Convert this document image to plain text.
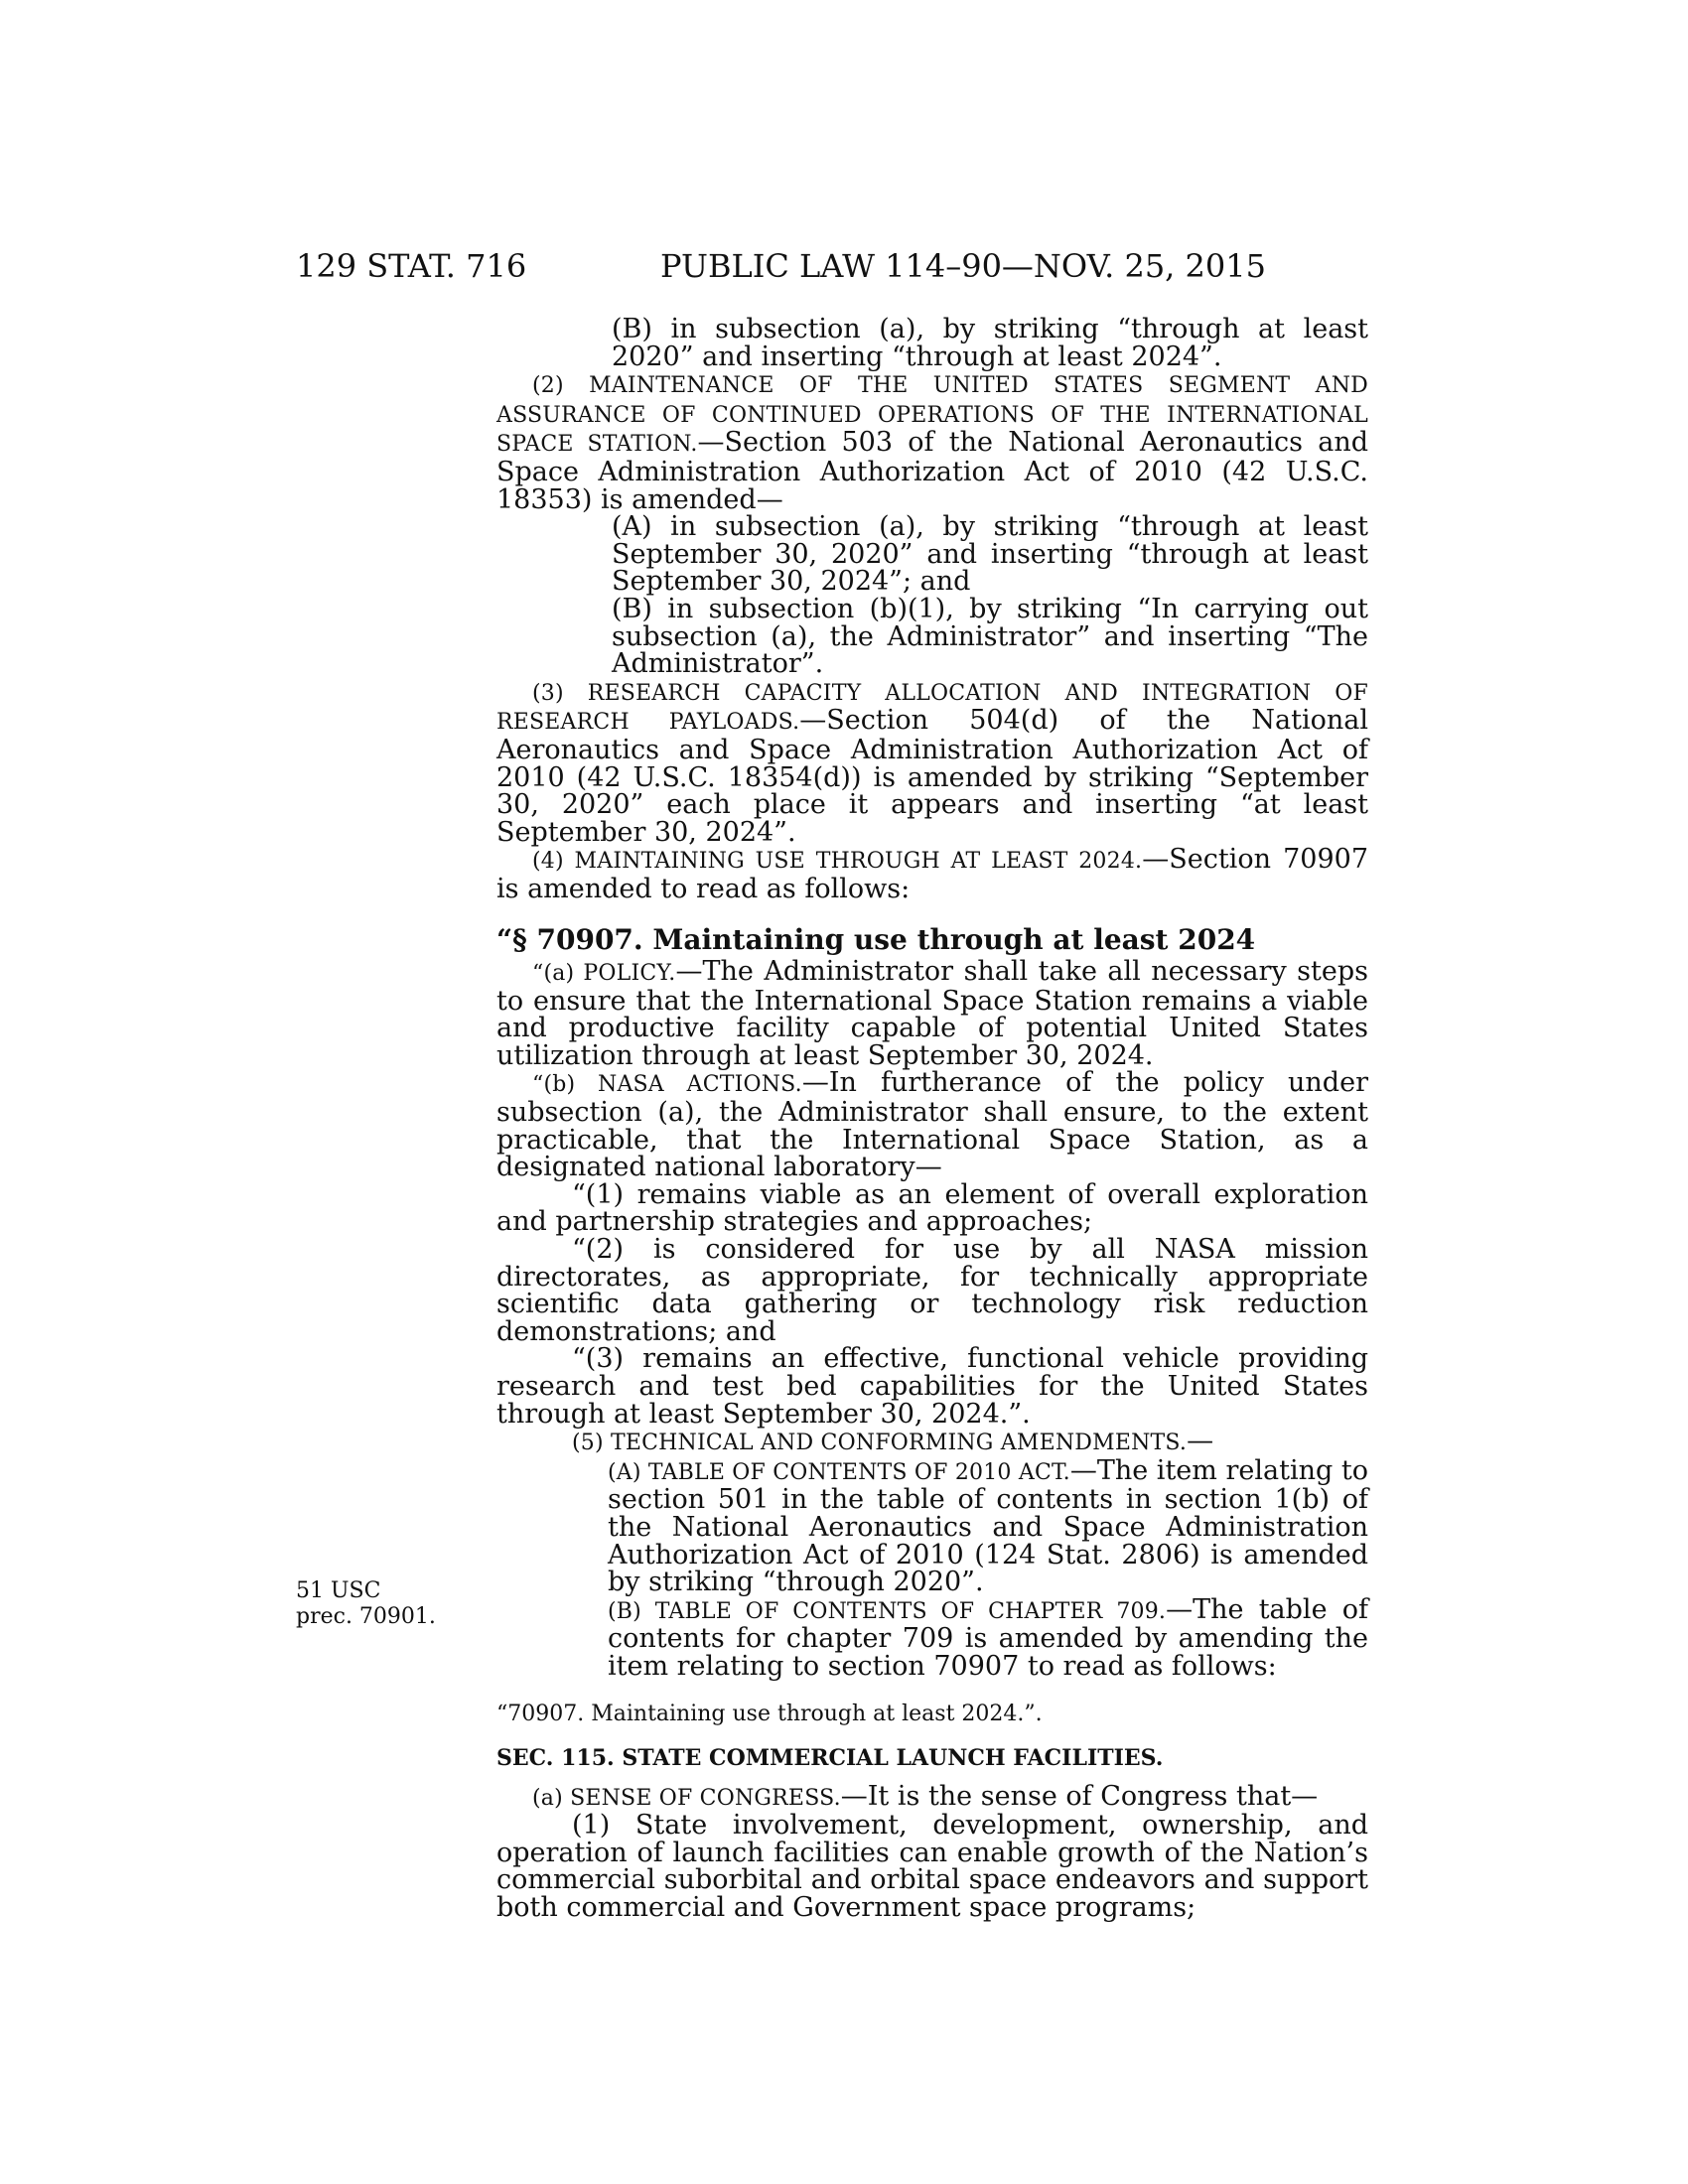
129 STAT. 716	PUBLIC LAW 114–90—NOV. 25, 2015

(B) in subsection (a), by striking “through at least 2020” and inserting “through at least 2024”.

(2) MAINTENANCE OF THE UNITED STATES SEGMENT AND ASSURANCE OF CONTINUED OPERATIONS OF THE INTERNATIONAL SPACE STATION.—Section 503 of the National Aeronautics and Space Administration Authorization Act of 2010 (42 U.S.C. 18353) is amended—

(A) in subsection (a), by striking “through at least September 30, 2020” and inserting “through at least September 30, 2024”; and

(B) in subsection (b)(1), by striking “In carrying out subsection (a), the Administrator” and inserting “The Administrator”.

(3) RESEARCH CAPACITY ALLOCATION AND INTEGRATION OF RESEARCH PAYLOADS.—Section 504(d) of the National Aeronautics and Space Administration Authorization Act of 2010 (42 U.S.C. 18354(d)) is amended by striking “September 30, 2020” each place it appears and inserting “at least September 30, 2024”.

(4) MAINTAINING USE THROUGH AT LEAST 2024.—Section 70907 is amended to read as follows:

“§ 70907. Maintaining use through at least 2024

“(a) POLICY.—The Administrator shall take all necessary steps to ensure that the International Space Station remains a viable and productive facility capable of potential United States utilization through at least September 30, 2024.

“(b) NASA ACTIONS.—In furtherance of the policy under subsection (a), the Administrator shall ensure, to the extent practicable, that the International Space Station, as a designated national laboratory—

“(1) remains viable as an element of overall exploration and partnership strategies and approaches;

“(2) is considered for use by all NASA mission directorates, as appropriate, for technically appropriate scientific data gathering or technology risk reduction demonstrations; and

“(3) remains an effective, functional vehicle providing research and test bed capabilities for the United States through at least September 30, 2024.”.

(5) TECHNICAL AND CONFORMING AMENDMENTS.—

(A) TABLE OF CONTENTS OF 2010 ACT.—The item relating to section 501 in the table of contents in section 1(b) of the National Aeronautics and Space Administration Authorization Act of 2010 (124 Stat. 2806) is amended by striking “through 2020”.

(B) TABLE OF CONTENTS OF CHAPTER 709.—The table of contents for chapter 709 is amended by amending the item relating to section 70907 to read as follows:

“70907. Maintaining use through at least 2024.”.

SEC. 115. STATE COMMERCIAL LAUNCH FACILITIES.

(a) SENSE OF CONGRESS.—It is the sense of Congress that—

(1) State involvement, development, ownership, and operation of launch facilities can enable growth of the Nation’s commercial suborbital and orbital space endeavors and support both commercial and Government space programs;

51 USC
prec. 70901.
